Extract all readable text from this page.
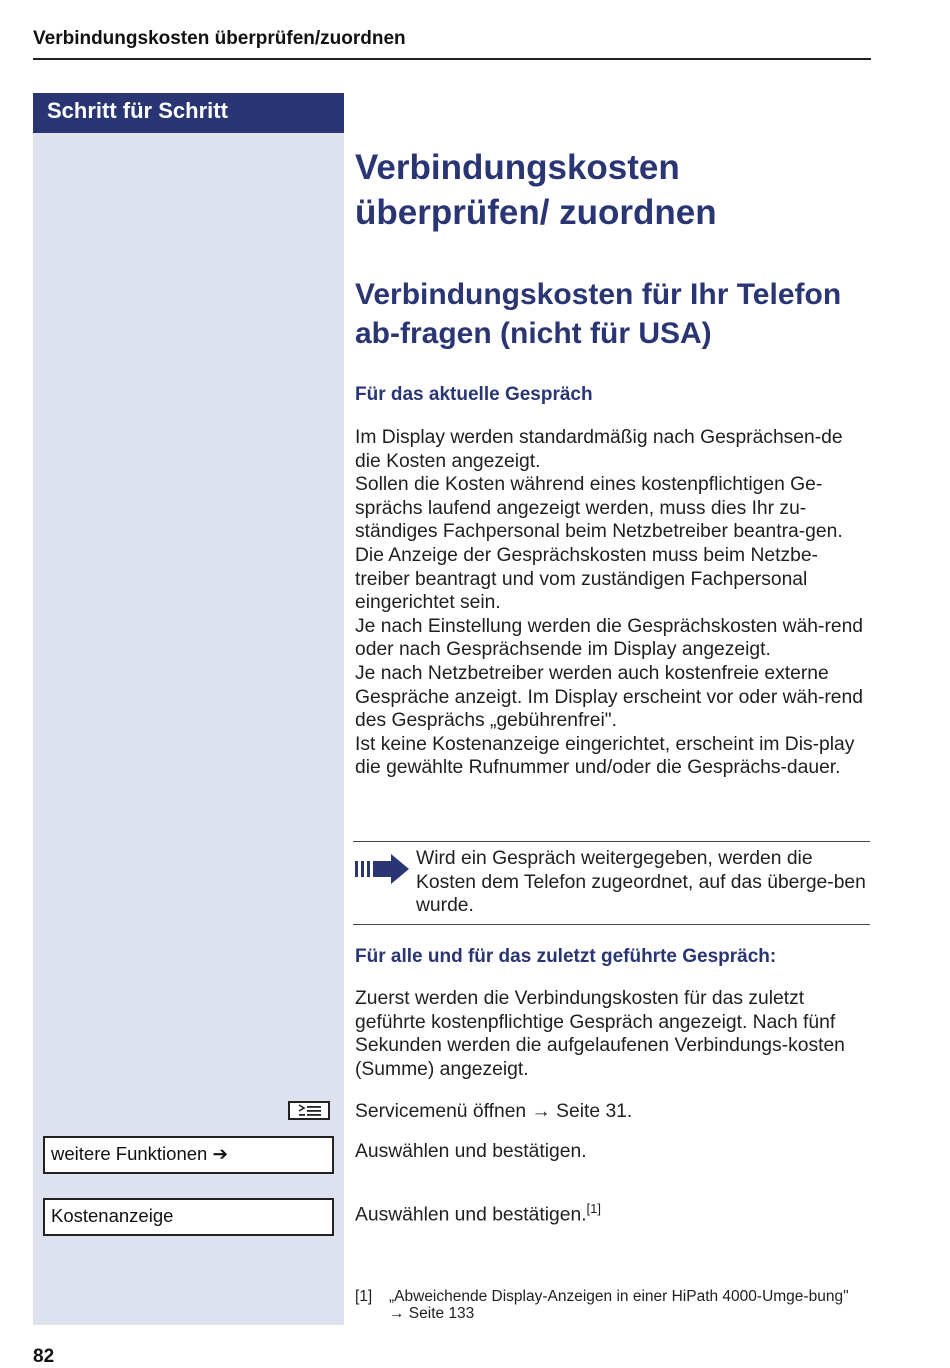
Verbindungskosten überprüfen/zuordnen
Schritt für Schritt
Verbindungskosten überprüfen/ zuordnen
Verbindungskosten für Ihr Telefon ab-fragen (nicht für USA)
Für das aktuelle Gespräch

Im Display werden standardmäßig nach Gesprächsen-de die Kosten angezeigt.

Sollen die Kosten während eines kostenpflichtigen Ge-sprächs laufend angezeigt werden, muss dies Ihr zu-ständiges Fachpersonal beim Netzbetreiber beantra-gen.

Die Anzeige der Gesprächskosten muss beim Netzbe-treiber beantragt und vom zuständigen Fachpersonal eingerichtet sein.

Je nach Einstellung werden die Gesprächskosten wäh-rend oder nach Gesprächsende im Display angezeigt.

Je nach Netzbetreiber werden auch kostenfreie externe Gespräche anzeigt. Im Display erscheint vor oder wäh-rend des Gesprächs „gebührenfrei".

Ist keine Kostenanzeige eingerichtet, erscheint im Dis-play die gewählte Rufnummer und/oder die Gesprächs-dauer.

Wird ein Gespräch weitergegeben, werden die Kosten dem Telefon zugeordnet, auf das überge-ben wurde.
Für alle und für das zuletzt geführte Gespräch:
Zuerst werden die Verbindungskosten für das zuletzt geführte kostenpflichtige Gespräch angezeigt. Nach fünf Sekunden werden die aufgelaufenen Verbindungs-kosten (Summe) angezeigt.
Servicemenü öffnen → Seite 31.
weitere Funktionen ➔	Auswählen und bestätigen.
Kostenanzeige	Auswählen und bestätigen.[1]
[1] „Abweichende Display-Anzeigen in einer HiPath 4000-Umge-bung" → Seite 133
82
